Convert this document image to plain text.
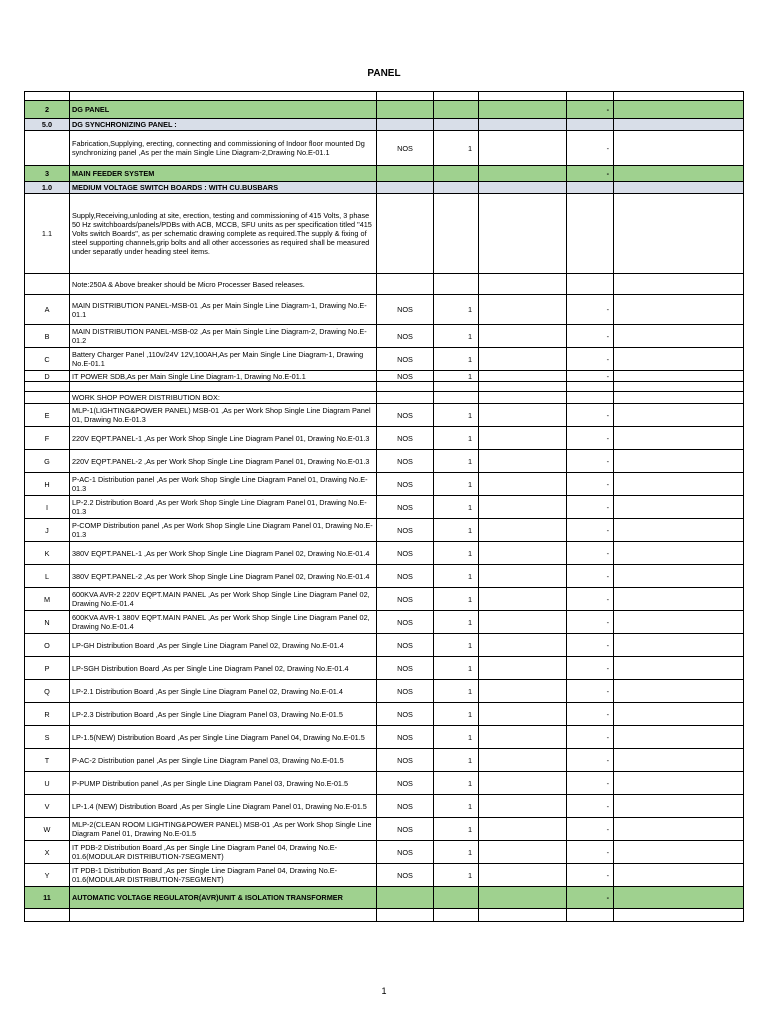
PANEL

2	DG PANEL				-	
5.0	DG SYNCHRONIZING PANEL :					
	Fabrication,Supplying, erecting, connecting and commissioning of Indoor floor mounted Dg synchronizing panel ,As per the main Single Line Diagram-2,Drawing No.E-01.1	NOS	1		-	
3	MAIN FEEDER SYSTEM				-	
1.0	MEDIUM VOLTAGE SWITCH BOARDS : WITH CU.BUSBARS					
1.1	Supply,Receiving,unloding at site, erection, testing and commissioning of 415 Volts, 3 phase 50 Hz switchboards/panels/PDBs with ACB, MCCB, SFU units as per specification titled "415 Volts switch Boards", as per schematic drawing complete as required.The supply & fixing of steel supporting channels,grip bolts and all other accessories as required shall be measured under separatly under heading steel items.					
	Note:250A & Above breaker should be Micro Processer Based releases.					
A	MAIN DISTRIBUTION PANEL-MSB-01 ,As per Main Single Line Diagram-1, Drawing No.E-01.1	NOS	1		-	
B	MAIN DISTRIBUTION PANEL-MSB-02 ,As per Main Single Line Diagram-2, Drawing No.E-01.2	NOS	1		-	
C	Battery Charger Panel ,110v/24V 12V,100AH,As per Main Single Line Diagram-1, Drawing No.E-01.1	NOS	1		-	
D	IT POWER SDB,As per Main Single Line Diagram-1, Drawing No.E-01.1	NOS	1		-	

	WORK SHOP POWER DISTRIBUTION BOX:					
E	MLP-1(LIGHTING&POWER PANEL) MSB-01 ,As per Work Shop Single Line Diagram Panel 01, Drawing No.E-01.3	NOS	1		-	
F	220V EQPT.PANEL-1 ,As per Work Shop Single Line Diagram Panel 01, Drawing No.E-01.3	NOS	1		-	
G	220V EQPT.PANEL-2 ,As per Work Shop Single Line Diagram Panel 01, Drawing No.E-01.3	NOS	1		-	
H	P-AC-1 Distribution panel ,As per Work Shop Single Line Diagram Panel 01, Drawing No.E-01.3	NOS	1		-	
I	LP-2.2 Distribution Board ,As per Work Shop Single Line Diagram Panel 01, Drawing No.E-01.3	NOS	1		-	
J	P-COMP Distribution panel ,As per Work Shop Single Line Diagram Panel 01, Drawing No.E-01.3	NOS	1		-	
K	380V EQPT.PANEL-1 ,As per Work Shop Single Line Diagram Panel 02, Drawing No.E-01.4	NOS	1		-	
L	380V EQPT.PANEL-2 ,As per Work Shop Single Line Diagram Panel 02, Drawing No.E-01.4	NOS	1		-	
M	600KVA AVR-2 220V EQPT.MAIN PANEL ,As per Work Shop Single Line Diagram Panel 02, Drawing No.E-01.4	NOS	1		-	
N	600KVA AVR-1 380V EQPT.MAIN PANEL ,As per Work Shop Single Line Diagram Panel 02, Drawing No.E-01.4	NOS	1		-	
O	LP-GH Distribution Board ,As per Single Line Diagram Panel 02, Drawing No.E-01.4	NOS	1		-	
P	LP-SGH Distribution Board ,As per Single Line Diagram Panel 02, Drawing No.E-01.4	NOS	1		-	
Q	LP-2.1 Distribution Board ,As per Single Line Diagram Panel 02, Drawing No.E-01.4	NOS	1		-	
R	LP-2.3 Distribution Board ,As per Single Line Diagram Panel 03, Drawing No.E-01.5	NOS	1		-	
S	LP-1.5(NEW) Distribution Board ,As per Single Line Diagram Panel 04, Drawing No.E-01.5	NOS	1		-	
T	P-AC-2 Distribution panel ,As per Single Line Diagram Panel 03, Drawing No.E-01.5	NOS	1		-	
U	P-PUMP Distribution panel ,As per Single Line Diagram Panel 03, Drawing No.E-01.5	NOS	1		-	
V	LP-1.4 (NEW) Distribution Board ,As per Single Line Diagram Panel 01, Drawing No.E-01.5	NOS	1		-	
W	MLP-2(CLEAN ROOM LIGHTING&POWER PANEL) MSB-01 ,As per Work Shop Single Line Diagram Panel 01, Drawing No.E-01.5	NOS	1		-	
X	IT PDB-2 Distribution Board ,As per Single Line Diagram Panel 04, Drawing No.E-01.6(MODULAR DISTRIBUTION-7SEGMENT)	NOS	1		-	
Y	IT PDB-1 Distribution Board ,As per Single Line Diagram Panel 04, Drawing No.E-01.6(MODULAR DISTRIBUTION-7SEGMENT)	NOS	1		-	
11	AUTOMATIC VOLTAGE REGULATOR(AVR)UNIT & ISOLATION TRANSFORMER				-	

1
